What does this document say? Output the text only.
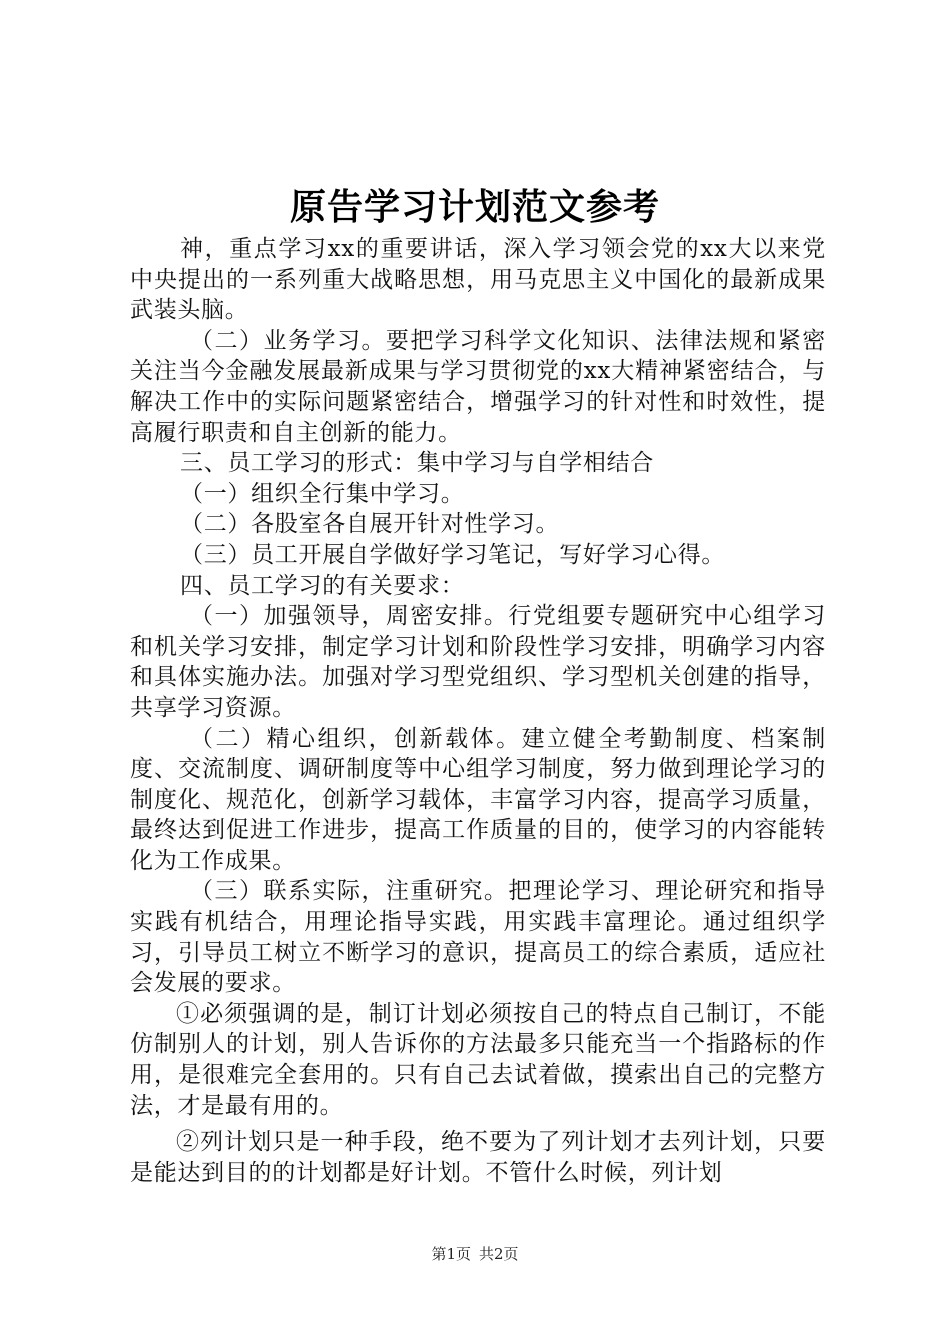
原告学习计划范文参考

神，重点学习xx的重要讲话，深入学习领会党的xx大以来党中央提出的一系列重大战略思想，用马克思主义中国化的最新成果武装头脑。

（二）业务学习。要把学习科学文化知识、法律法规和紧密关注当今金融发展最新成果与学习贯彻党的xx大精神紧密结合，与解决工作中的实际问题紧密结合，增强学习的针对性和时效性，提高履行职责和自主创新的能力。

三、员工学习的形式：集中学习与自学相结合

（一）组织全行集中学习。

（二）各股室各自展开针对性学习。

（三）员工开展自学做好学习笔记，写好学习心得。

四、员工学习的有关要求：

（一）加强领导，周密安排。行党组要专题研究中心组学习和机关学习安排，制定学习计划和阶段性学习安排，明确学习内容和具体实施办法。加强对学习型党组织、学习型机关创建的指导，共享学习资源。

（二）精心组织，创新载体。建立健全考勤制度、档案制度、交流制度、调研制度等中心组学习制度，努力做到理论学习的制度化、规范化，创新学习载体，丰富学习内容，提高学习质量，最终达到促进工作进步，提高工作质量的目的，使学习的内容能转化为工作成果。

（三）联系实际，注重研究。把理论学习、理论研究和指导实践有机结合，用理论指导实践，用实践丰富理论。通过组织学习，引导员工树立不断学习的意识，提高员工的综合素质，适应社会发展的要求。

①必须强调的是，制订计划必须按自己的特点自己制订，不能仿制别人的计划，别人告诉你的方法最多只能充当一个指路标的作用，是很难完全套用的。只有自己去试着做，摸索出自己的完整方法，才是最有用的。

②列计划只是一种手段，绝不要为了列计划才去列计划，只要是能达到目的的计划都是好计划。不管什么时候，列计划

第1页 共2页
